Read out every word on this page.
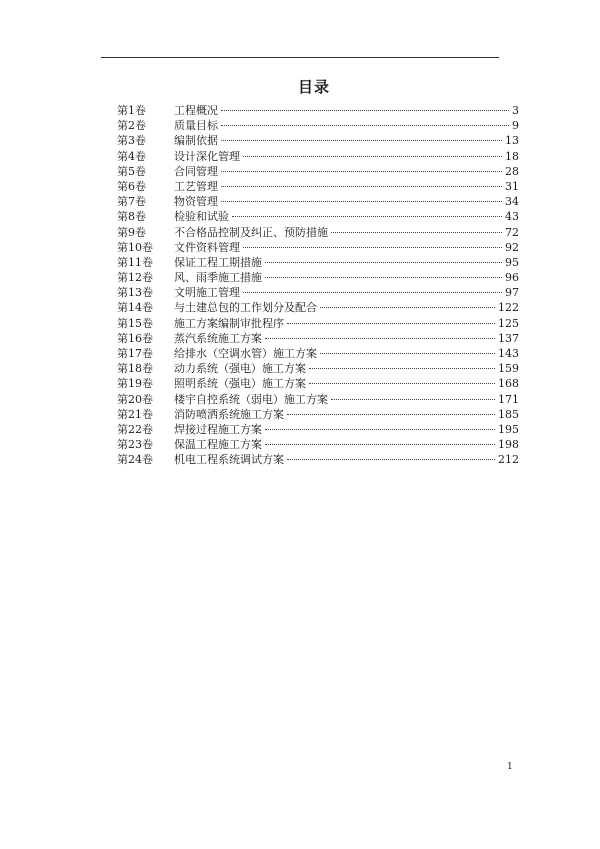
目录
第1卷	工程概况	3
第2卷	质量目标	9
第3卷	编制依据	13
第4卷	设计深化管理	18
第5卷	合同管理	28
第6卷	工艺管理	31
第7卷	物资管理	34
第8卷	检验和试验	43
第9卷	不合格品控制及纠正、预防措施	72
第10卷	文件资料管理	92
第11卷	保证工程工期措施	95
第12卷	风、雨季施工措施	96
第13卷	文明施工管理	97
第14卷	与土建总包的工作划分及配合	122
第15卷	施工方案编制审批程序	125
第16卷	蒸汽系统施工方案	137
第17卷	给排水（空调水管）施工方案	143
第18卷	动力系统（强电）施工方案	159
第19卷	照明系统（强电）施工方案	168
第20卷	楼宇自控系统（弱电）施工方案	171
第21卷	消防喷洒系统施工方案	185
第22卷	焊接过程施工方案	195
第23卷	保温工程施工方案	198
第24卷	机电工程系统调试方案	212
1
